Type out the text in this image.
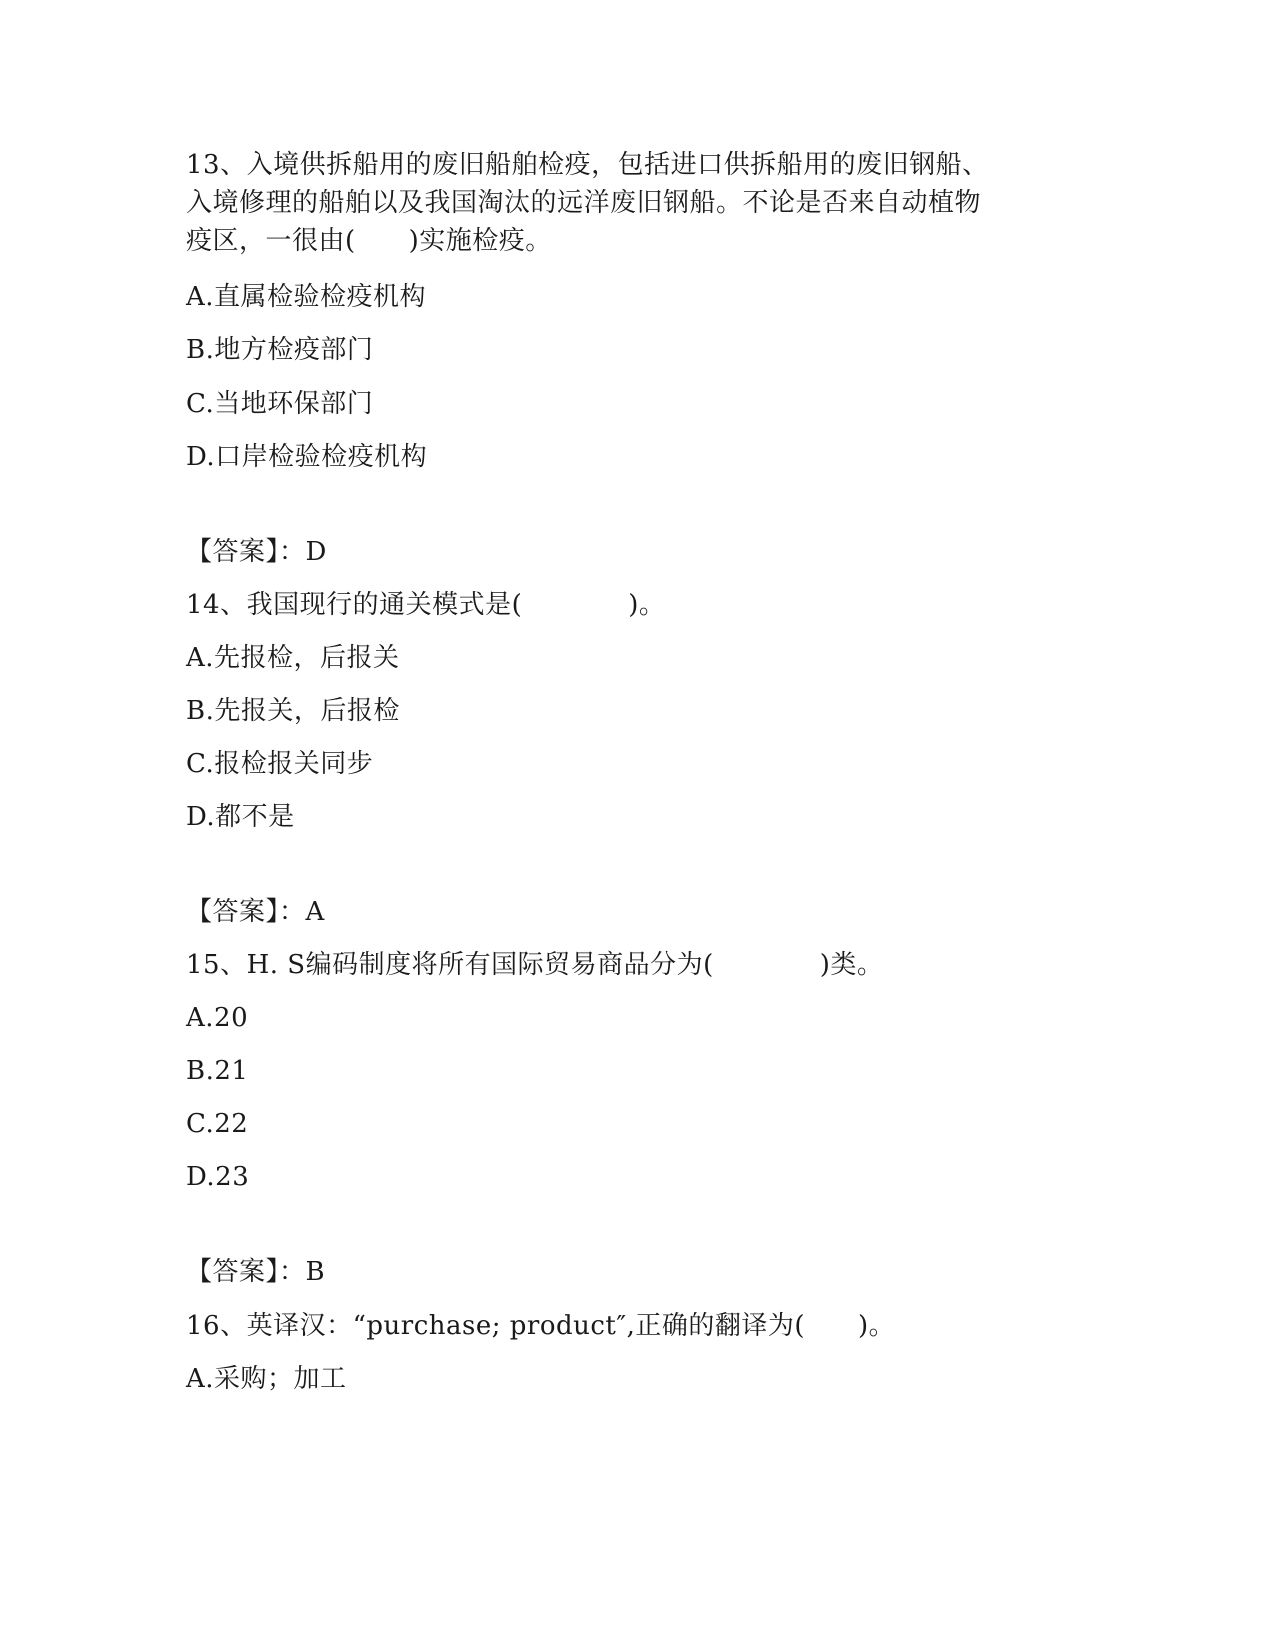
13、入境供拆船用的废旧船舶检疫，包括进口供拆船用的废旧钢船、
入境修理的船舶以及我国淘汰的远洋废旧钢船。不论是否来自动植物
疫区，一很由(　　)实施检疫。
A.直属检验检疫机构
B.地方检疫部门
C.当地环保部门
D.口岸检验检疫机构
【答案】：D
14、我国现行的通关模式是(　　　　)。
A.先报检，后报关
B.先报关，后报检
C.报检报关同步
D.都不是
【答案】：A
15、H. S编码制度将所有国际贸易商品分为(　　　　)类。
A.20
B.21
C.22
D.23
【答案】：B
16、英译汉：“purchase; product″,正确的翻译为(　　)。
A.采购；加工
